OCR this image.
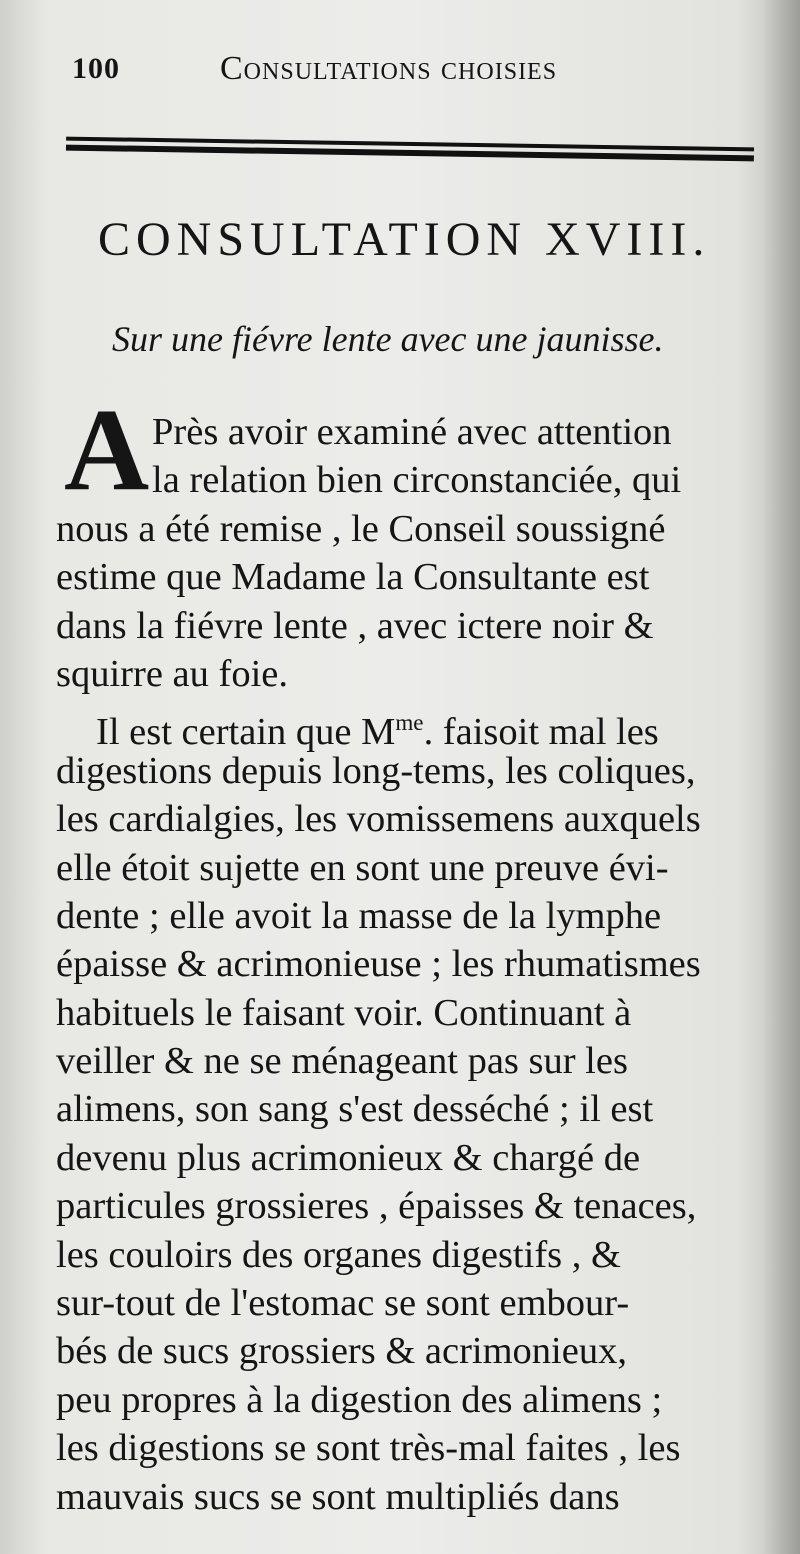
100	Consultations choisies
CONSULTATION XVIII.
Sur une fiévre lente avec une jaunisse.
A Près avoir examiné avec attention
la relation bien circonstanciée, qui
nous a été remise , le Conseil soussigné
estime que Madame la Consultante est
dans la fiévre lente , avec ictere noir &
squirre au foie.
Il est certain que $M^{me}$. faisoit mal les
digestions depuis long-tems, les coliques,
les cardialgies, les vomissemens auxquels
elle étoit sujette en sont une preuve évi-
dente ; elle avoit la masse de la lymphe
épaisse & acrimonieuse ; les rhumatismes
habituels le faisant voir. Continuant à
veiller & ne se ménageant pas sur les
alimens, son sang s'est desséché ; il est
devenu plus acrimonieux & chargé de
particules grossieres , épaisses & tenaces,
les couloirs des organes digestifs , &
sur-tout de l'estomac se sont embour-
bés de sucs grossiers & acrimonieux,
peu propres à la digestion des alimens ;
les digestions se sont très-mal faites , les
mauvais sucs se sont multipliés dans
